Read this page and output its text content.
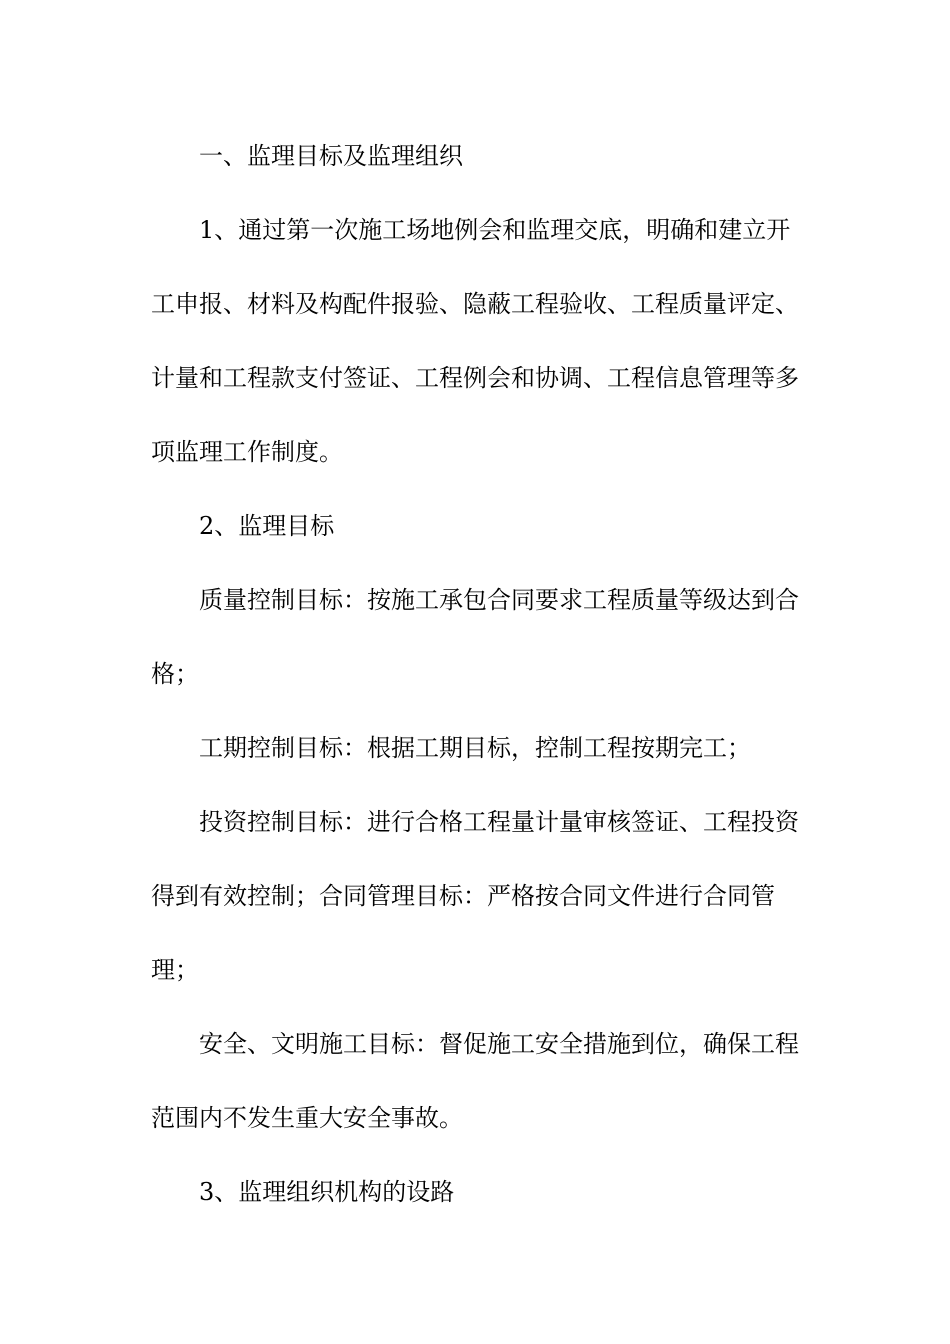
一、监理目标及监理组织

1、通过第一次施工场地例会和监理交底，明确和建立开工申报、材料及构配件报验、隐蔽工程验收、工程质量评定、计量和工程款支付签证、工程例会和协调、工程信息管理等多项监理工作制度。

2、监理目标

质量控制目标：按施工承包合同要求工程质量等级达到合格；

工期控制目标：根据工期目标，控制工程按期完工；

投资控制目标：进行合格工程量计量审核签证、工程投资得到有效控制；合同管理目标：严格按合同文件进行合同管理；

安全、文明施工目标：督促施工安全措施到位，确保工程范围内不发生重大安全事故。

3、监理组织机构的设路
